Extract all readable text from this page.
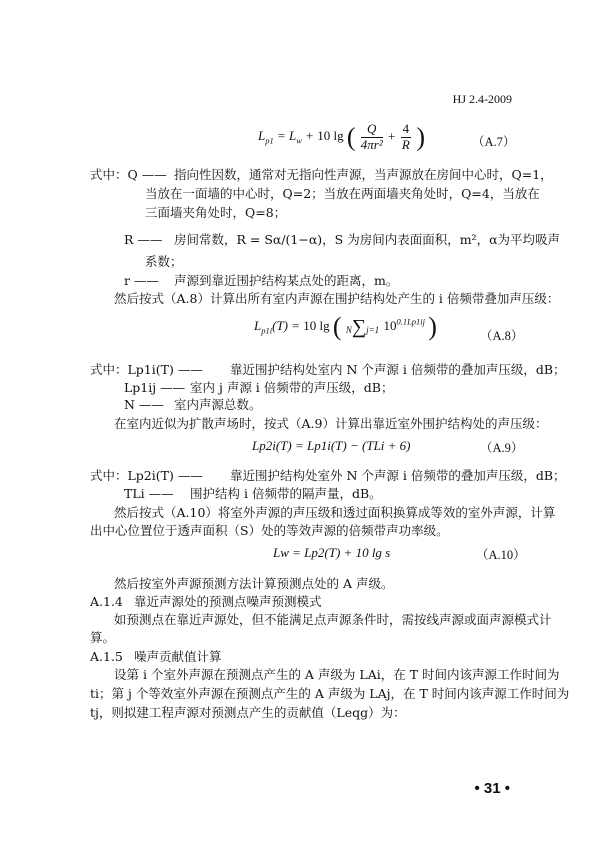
HJ 2.4-2009
$L_{p1} = L_w + 10$ lg ( $\frac{Q}{\text{4πr²}} + \frac{4}{R}$ )	（A.7）
式中：Q —— 指向性因数，通常对无指向性声源，当声源放在房间中心时，Q=1，
当放在一面墙的中心时，Q=2；当放在两面墙夹角处时，Q=4，当放在
三面墙夹角处时，Q=8；
R —— 房间常数，R = Sα/(1−α)，S 为房间内表面面积，m²，α为平均吸声
系数；
r —— 声源到靠近围护结构某点处的距离，m。
然后按式（A.8）计算出所有室内声源在围护结构处产生的 i 倍频带叠加声压级：
$L_{p1i}(T) = 10$ lg ( N∑j=1 $10^{0.1Lp1ij}$ )	（A.8）
式中：Lp1i(T) —— 靠近围护结构处室内 N 个声源 i 倍频带的叠加声压级，dB；
Lp1ij —— 室内 j 声源 i 倍频带的声压级，dB；
N —— 室内声源总数。
在室内近似为扩散声场时，按式（A.9）计算出靠近室外围护结构处的声压级：
Lp2i(T) = Lp1i(T) − (TLi + 6)	（A.9）
式中：Lp2i(T) —— 靠近围护结构处室外 N 个声源 i 倍频带的叠加声压级，dB；
TLi —— 围护结构 i 倍频带的隔声量，dB。
然后按式（A.10）将室外声源的声压级和透过面积换算成等效的室外声源，计算
出中心位置位于透声面积（S）处的等效声源的倍频带声功率级。
Lw = Lp2(T) + 10 lg s	（A.10）
然后按室外声源预测方法计算预测点处的 A 声级。
A.1.4 靠近声源处的预测点噪声预测模式
如预测点在靠近声源处，但不能满足点声源条件时，需按线声源或面声源模式计
算。
A.1.5 噪声贡献值计算
设第 i 个室外声源在预测点产生的 A 声级为 LAi，在 T 时间内该声源工作时间为
ti；第 j 个等效室外声源在预测点产生的 A 声级为 LAj，在 T 时间内该声源工作时间为
tj，则拟建工程声源对预测点产生的贡献值（Leqg）为：
• 31 •
